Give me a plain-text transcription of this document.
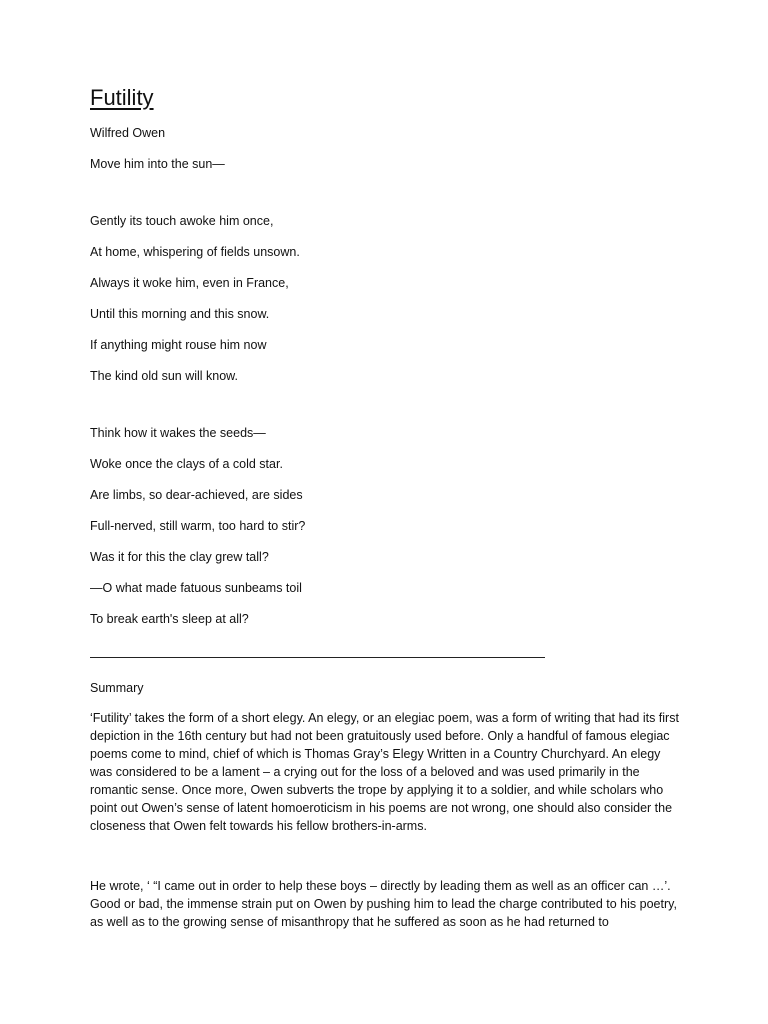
Futility
Wilfred Owen
Move him into the sun—
Gently its touch awoke him once,
At home, whispering of fields unsown.
Always it woke him, even in France,
Until this morning and this snow.
If anything might rouse him now
The kind old sun will know.
Think how it wakes the seeds—
Woke once the clays of a cold star.
Are limbs, so dear-achieved, are sides
Full-nerved, still warm, too hard to stir?
Was it for this the clay grew tall?
—O what made fatuous sunbeams toil
To break earth's sleep at all?
Summary

‘Futility’ takes the form of a short elegy. An elegy, or an elegiac poem, was a form of writing that had its first depiction in the 16th century but had not been gratuitously used before. Only a handful of famous elegiac poems come to mind, chief of which is Thomas Gray’s Elegy Written in a Country Churchyard. An elegy was considered to be a lament – a crying out for the loss of a beloved and was used primarily in the romantic sense. Once more, Owen subverts the trope by applying it to a soldier, and while scholars who point out Owen’s sense of latent homoeroticism in his poems are not wrong, one should also consider the closeness that Owen felt towards his fellow brothers-in-arms.

He wrote, ‘ “I came out in order to help these boys – directly by leading them as well as an officer can …’. Good or bad, the immense strain put on Owen by pushing him to lead the charge contributed to his poetry, as well as to the growing sense of misanthropy that he suffered as soon as he had returned to
